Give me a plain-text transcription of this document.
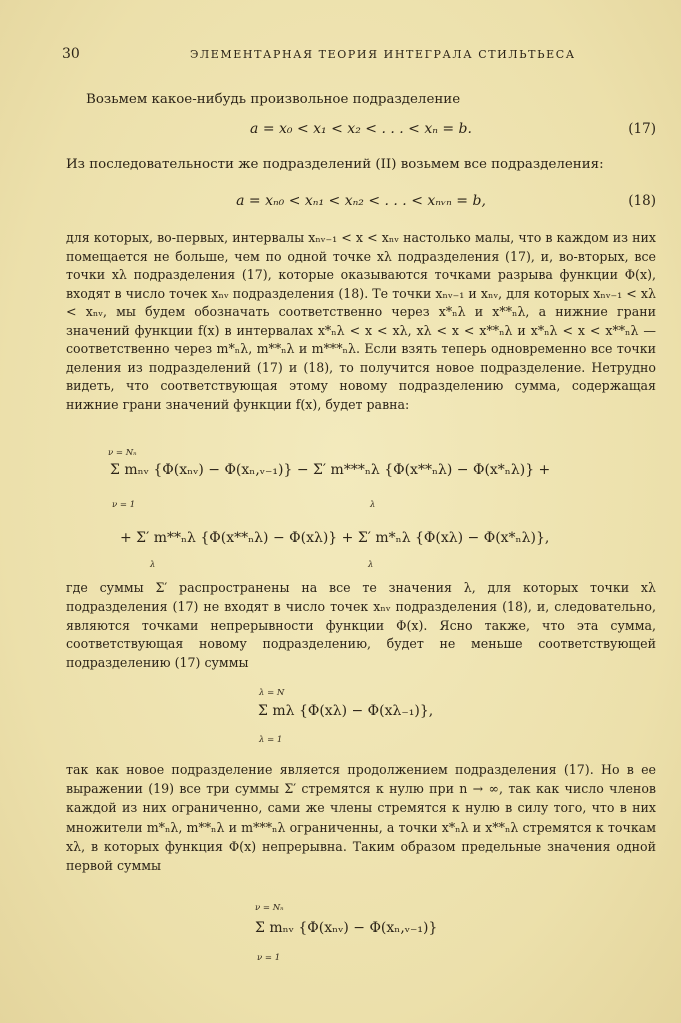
30	ЭЛЕМЕНТАРНАЯ ТЕОРИЯ ИНТЕГРАЛА СТИЛЬТЬЕСА
Возьмем какое-нибудь произвольное подразделение
a = x₀ < x₁ < x₂ < . . . < xₙ = b.	(17)
Из последовательности же подразделений (II) возьмем все подразделения:
a = xₙ₀ < xₙ₁ < xₙ₂ < . . . < xₙᵥₙ = b,	(18)
для которых, во-первых, интервалы xₙᵥ₋₁ < x < xₙᵥ настолько малы, что в каждом из них помещается не больше, чем по одной точке xλ подразделения (17), и, во-вторых, все точки xλ подразделения (17), которые оказываются точками разрыва функции Φ(x), входят в число точек xₙᵥ подразделения (18). Те точки xₙᵥ₋₁ и xₙᵥ, для которых xₙᵥ₋₁ < xλ < xₙᵥ, мы будем обозначать соответственно через x*ₙλ и x**ₙλ, а нижние грани значений функции f(x) в интервалах x*ₙλ < x < xλ, xλ < x < x**ₙλ и x*ₙλ < x < x**ₙλ — соответственно через m*ₙλ, m**ₙλ и m***ₙλ. Если взять теперь одновременно все точки деления из подразделений (17) и (18), то получится новое подразделение. Нетрудно видеть, что соответствующая этому новому подразделению сумма, содержащая нижние грани значений функции f(x), будет равна:
Σ mₙᵥ {Φ(xₙᵥ) − Φ(xₙ,ᵥ₋₁)} − Σ′ m***ₙλ {Φ(x**ₙλ) − Φ(x*ₙλ)} +
ν = Nₙ
ν = 1	λ
+ Σ′ m**ₙλ {Φ(x**ₙλ) − Φ(xλ)} + Σ′ m*ₙλ {Φ(xλ) − Φ(x*ₙλ)},
λ	λ
где суммы Σ′ распространены на все те значения λ, для которых точки xλ подразделения (17) не входят в число точек xₙᵥ подразделения (18), и, следовательно, являются точками непрерывности функции Φ(x). Ясно также, что эта сумма, соответствующая новому подразделению, будет не меньше соответствующей подразделению (17) суммы
λ = N
Σ mλ {Φ(xλ) − Φ(xλ₋₁)},
λ = 1
так как новое подразделение является продолжением подразделения (17). Но в ее выражении (19) все три суммы Σ′ стремятся к нулю при n → ∞, так как число членов каждой из них ограниченно, сами же члены стремятся к нулю в силу того, что в них множители m*ₙλ, m**ₙλ и m***ₙλ ограниченны, а точки x*ₙλ и x**ₙλ стремятся к точкам xλ, в которых функция Φ(x) непрерывна. Таким образом предельные значения одной первой суммы
ν = Nₙ
Σ mₙᵥ {Φ(xₙᵥ) − Φ(xₙ,ᵥ₋₁)}
ν = 1
